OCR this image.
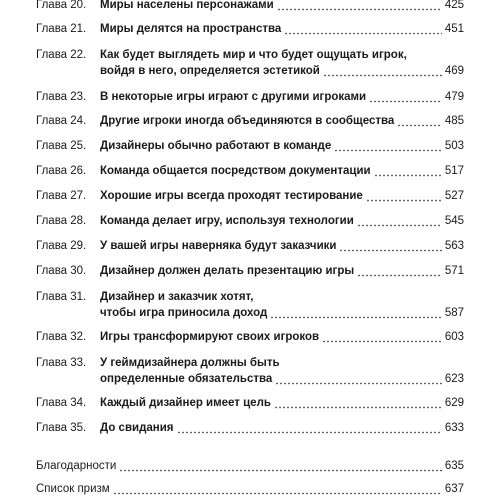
Глава 20.	Миры населены персонажами	425
Глава 21.	Миры делятся на пространства	451
Глава 22.	Как будет выглядеть мир и что будет ощущать игрок,
войдя в него, определяется эстетикой	469
Глава 23.	В некоторые игры играют с другими игроками	479
Глава 24.	Другие игроки иногда объединяются в сообщества	485
Глава 25.	Дизайнеры обычно работают в команде	503
Глава 26.	Команда общается посредством документации	517
Глава 27.	Хорошие игры всегда проходят тестирование	527
Глава 28.	Команда делает игру, используя технологии	545
Глава 29.	У вашей игры наверняка будут заказчики	563
Глава 30.	Дизайнер должен делать презентацию игры	571
Глава 31.	Дизайнер и заказчик хотят,
чтобы игра приносила доход	587
Глава 32.	Игры трансформируют своих игроков	603
Глава 33.	У геймдизайнера должны быть
определенные обязательства	623
Глава 34.	Каждый дизайнер имеет цель	629
Глава 35.	До свидания	633
Благодарности	635
Список призм	637
